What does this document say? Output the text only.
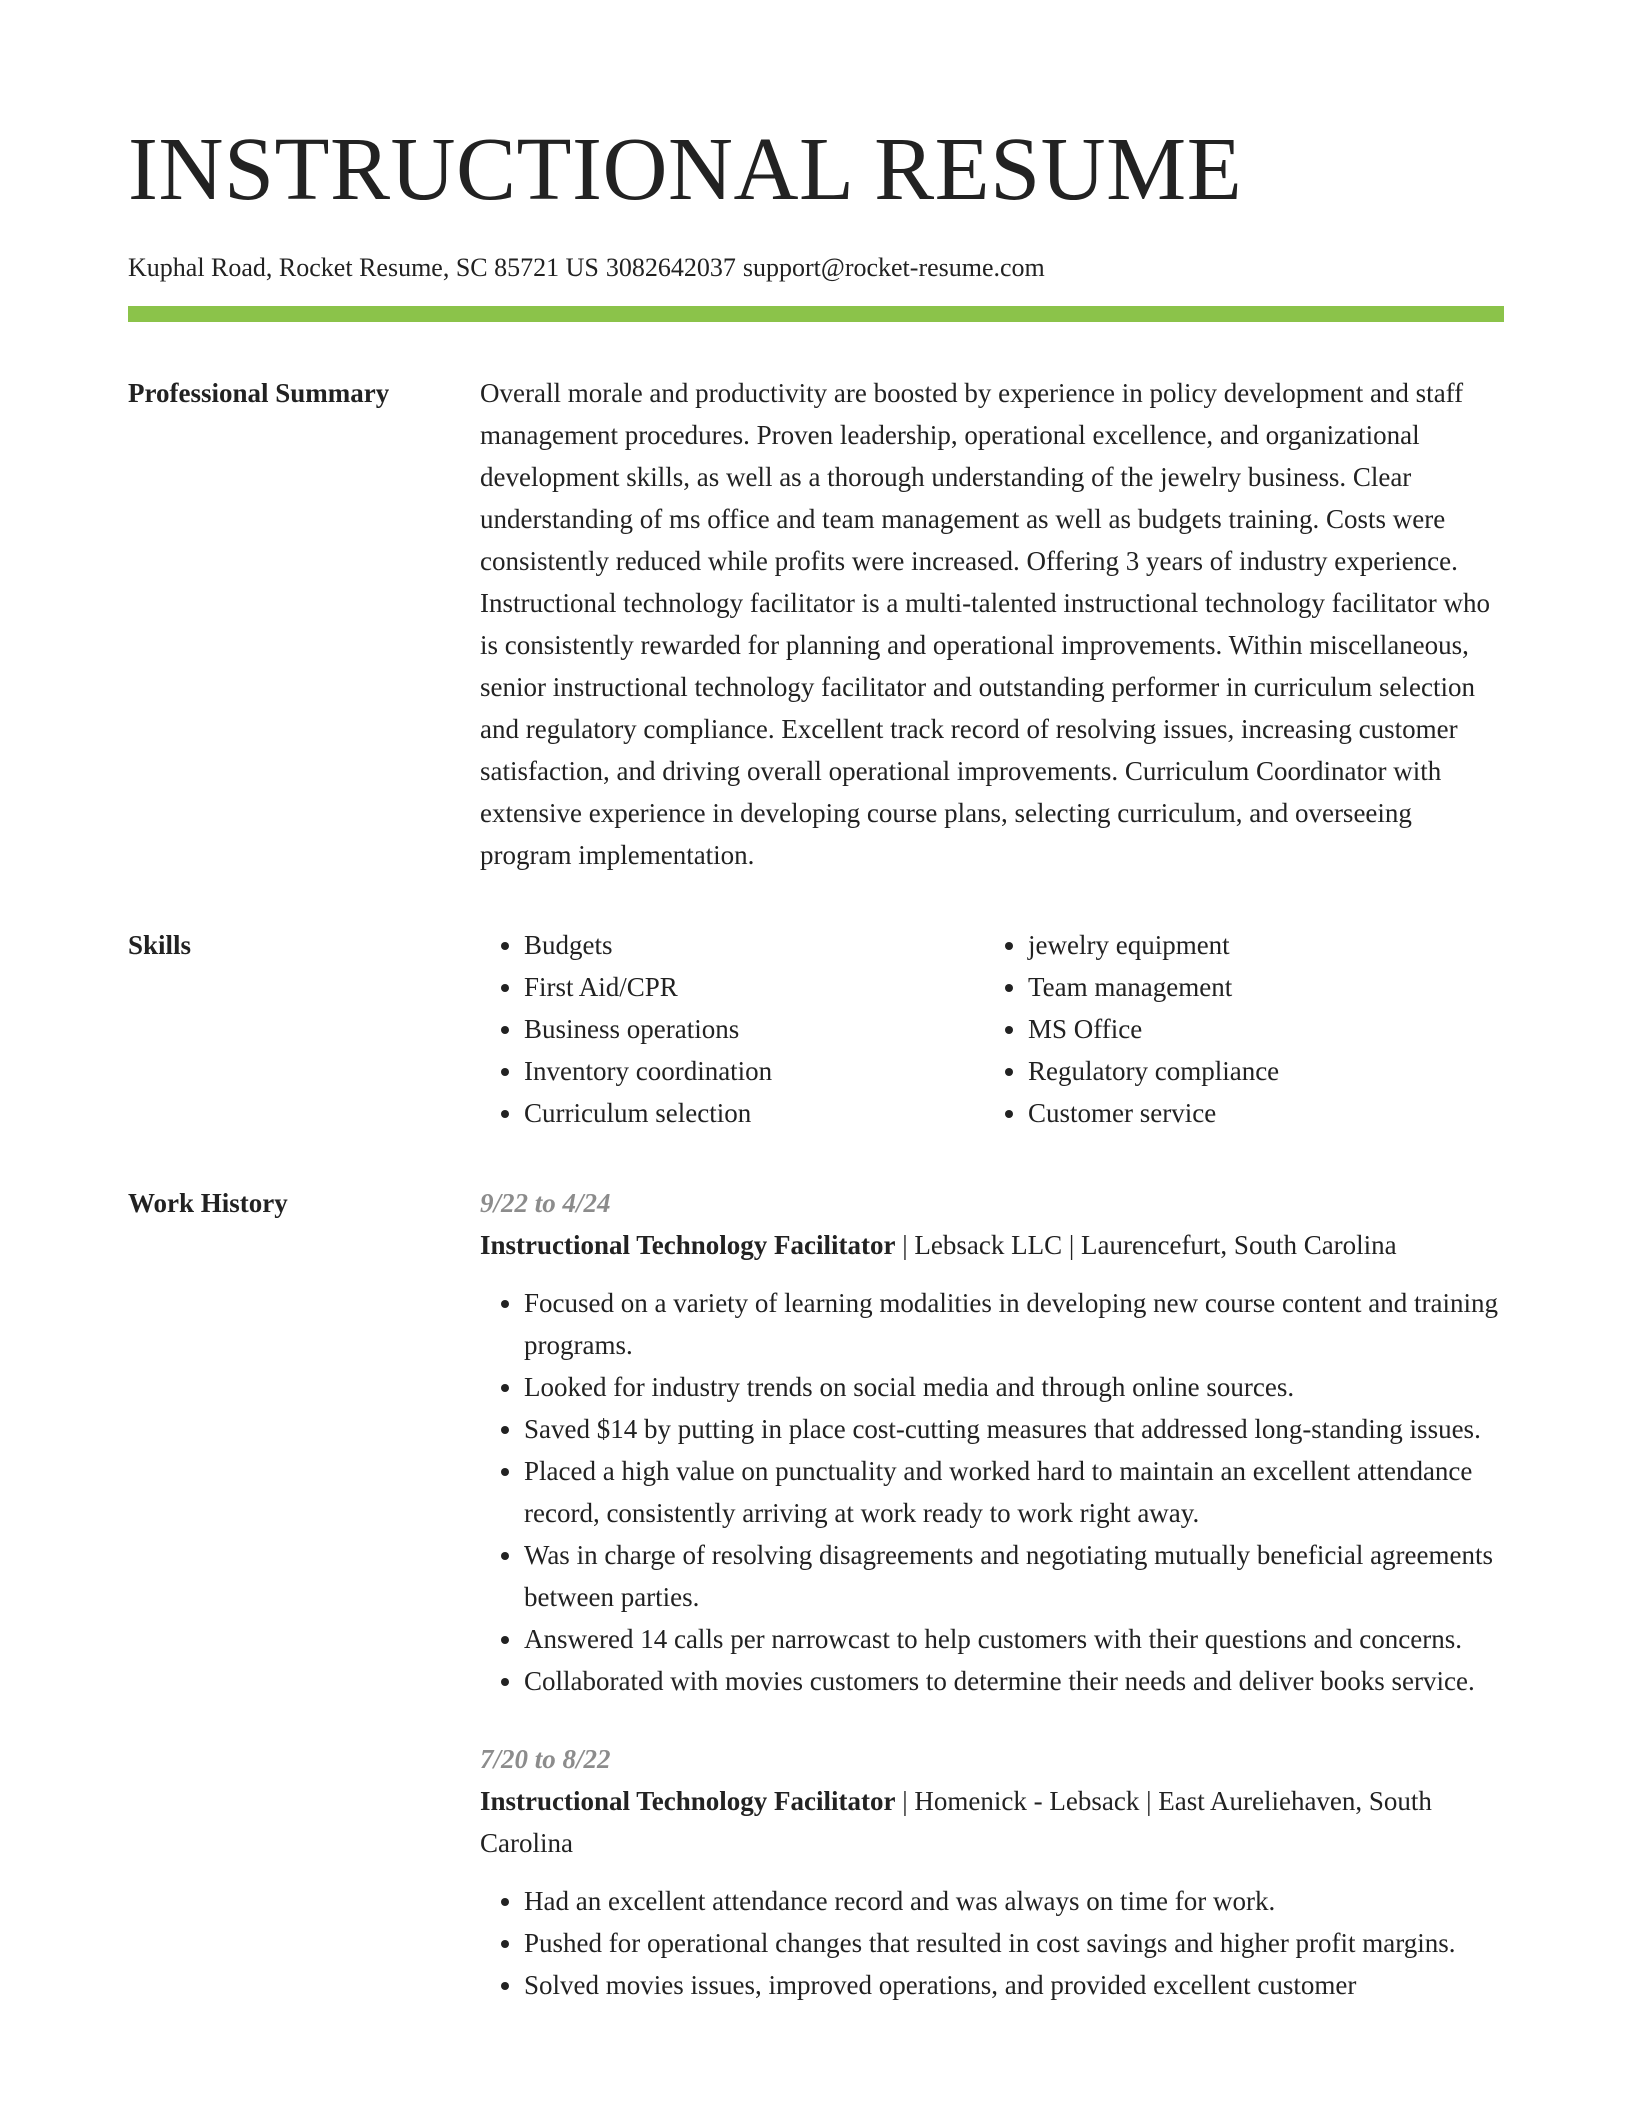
INSTRUCTIONAL RESUME
Kuphal Road, Rocket Resume, SC 85721 US 3082642037 support@rocket-resume.com
Professional Summary	Overall morale and productivity are boosted by experience in policy development and staff management procedures. Proven leadership, operational excellence, and organizational development skills, as well as a thorough understanding of the jewelry business. Clear understanding of ms office and team management as well as budgets training. Costs were consistently reduced while profits were increased. Offering 3 years of industry experience. Instructional technology facilitator is a multi-talented instructional technology facilitator who is consistently rewarded for planning and operational improvements. Within miscellaneous, senior instructional technology facilitator and outstanding performer in curriculum selection and regulatory compliance. Excellent track record of resolving issues, increasing customer satisfaction, and driving overall operational improvements. Curriculum Coordinator with extensive experience in developing course plans, selecting curriculum, and overseeing program implementation.

Skills
•	Budgets
• First Aid/CPR
• Business operations
• Inventory coordination
• Curriculum selection
• jewelry equipment
• Team management
• MS Office
• Regulatory compliance
• Customer service
Work History	9/22 to 4/24
Instructional Technology Facilitator | Lebsack LLC | Laurencefurt, South Carolina
• Focused on a variety of learning modalities in developing new course content and training programs.
• Looked for industry trends on social media and through online sources.
• Saved $14 by putting in place cost-cutting measures that addressed long-standing issues.
• Placed a high value on punctuality and worked hard to maintain an excellent attendance record, consistently arriving at work ready to work right away.
• Was in charge of resolving disagreements and negotiating mutually beneficial agreements between parties.
• Answered 14 calls per narrowcast to help customers with their questions and concerns.
• Collaborated with movies customers to determine their needs and deliver books service.
7/20 to 8/22
Instructional Technology Facilitator | Homenick - Lebsack | East Aureliehaven, South Carolina
• Had an excellent attendance record and was always on time for work.
• Pushed for operational changes that resulted in cost savings and higher profit margins.
• Solved movies issues, improved operations, and provided excellent customer
